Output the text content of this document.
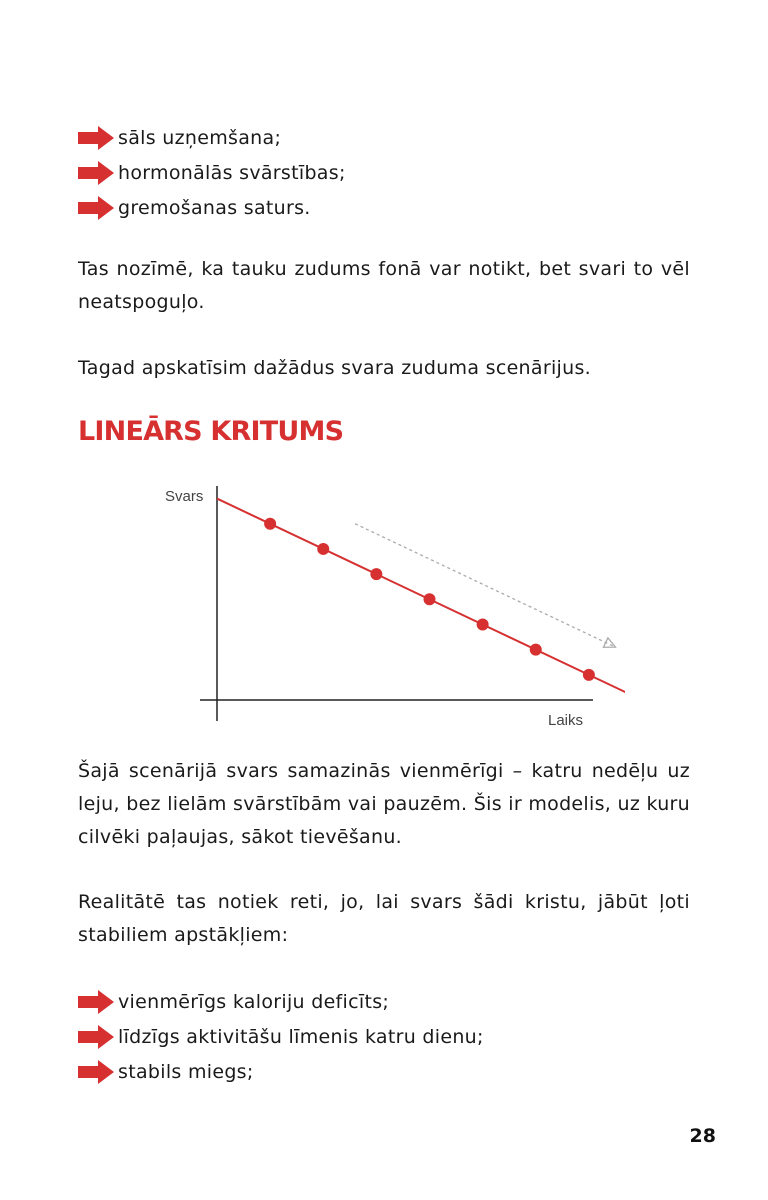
sāls uzņemšana;
hormonālās svārstības;
gremošanas saturs.

Tas nozīmē, ka tauku zudums fonā var notikt, bet svari to vēl neatspoguļo.

Tagad apskatīsim dažādus svara zuduma scenārijus.

LINEĀRS KRITUMS
Svars
Laiks

Šajā scenārijā svars samazinās vienmērīgi – katru nedēļu uz leju, bez lielām svārstībām vai pauzēm. Šis ir modelis, uz kuru cilvēki paļaujas, sākot tievēšanu.

Realitātē tas notiek reti, jo, lai svars šādi kristu, jābūt ļoti stabiliem apstākļiem:

vienmērīgs kaloriju deficīts;
līdzīgs aktivitāšu līmenis katru dienu;
stabils miegs;
28
